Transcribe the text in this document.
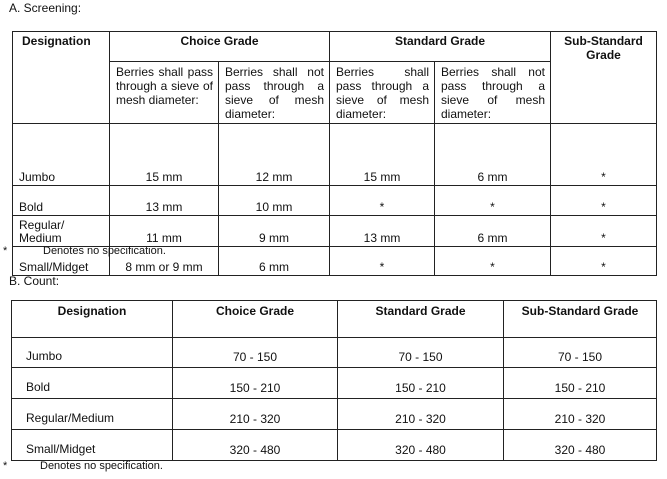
A. Screening:
Designation	Choice Grade		Standard Grade		Sub-Standard Grade
	Berries shall pass through a sieve of mesh diameter:	Berries shall not pass through a sieve of mesh diameter:	Berries shall pass through a sieve of mesh diameter:	Berries shall not pass through a sieve of mesh diameter:	
Jumbo	15 mm	12 mm	15 mm	6 mm	*
Bold	13 mm	10 mm	*	*	*
Regular/
Medium	11 mm	9 mm	13 mm	6 mm	*
Small/Midget	8 mm or 9 mm	6 mm	*	*	*
*	Denotes no specification.
B. Count:
Designation	Choice Grade	Standard Grade	Sub-Standard Grade
Jumbo	70 - 150	70 - 150	70 - 150
Bold	150 - 210	150 - 210	150 - 210
Regular/Medium	210 - 320	210 - 320	210 - 320
Small/Midget	320 - 480	320 - 480	320 - 480
*	Denotes no specification.
